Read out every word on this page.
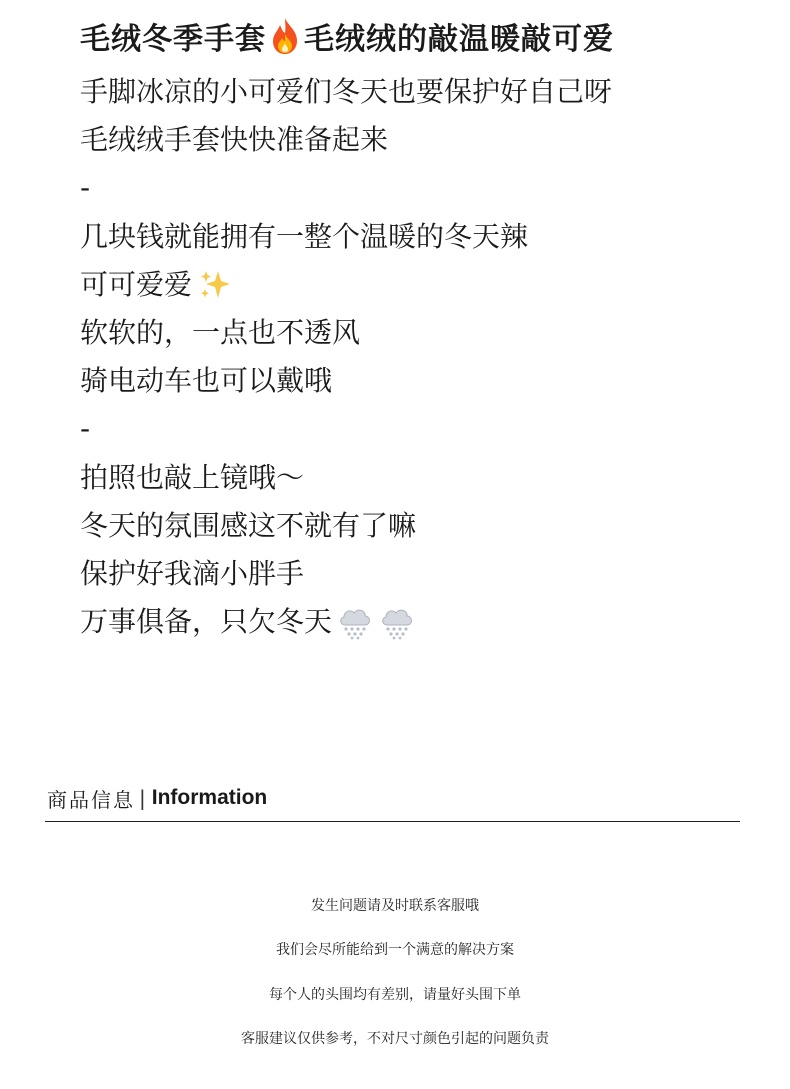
毛绒冬季手套 毛绒绒的敲温暖敲可爱
手脚冰凉的小可爱们冬天也要保护好自己呀
毛绒绒手套快快准备起来
-
几块钱就能拥有一整个温暖的冬天辣
可可爱爱
软软的，一点也不透风
骑电动车也可以戴哦
-
拍照也敲上镜哦～
冬天的氛围感这不就有了嘛
保护好我滴小胖手
万事俱备，只欠冬天
商品信息 | Information
发生问题请及时联系客服哦
我们会尽所能给到一个满意的解决方案
每个人的头围均有差别，请量好头围下单
客服建议仅供参考，不对尺寸颜色引起的问题负责
